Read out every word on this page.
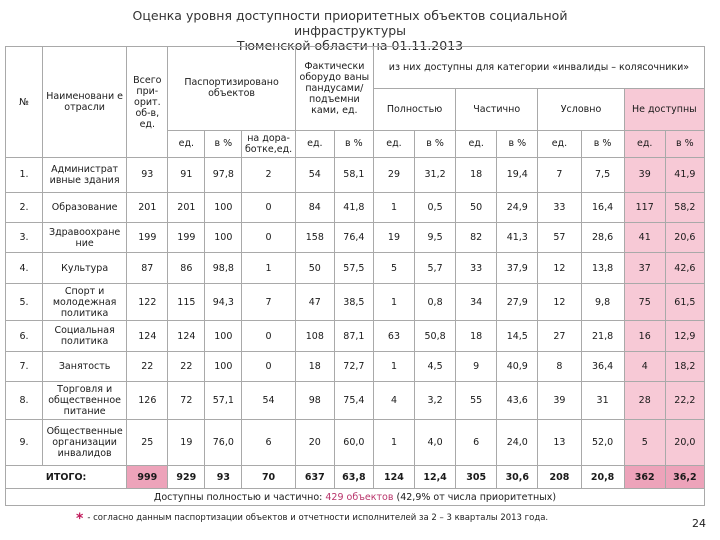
Оценка уровня доступности приоритетных объектов социальной инфраструктуры
Тюменской области на 01.11.2013
№	Наименовани е отрасли	Всего при-орит. об-в, ед.	Паспортизировано объектов			Фактически оборудо ваны пандусами/ подъемни ками, ед.		из них доступны для категории «инвалиды – колясочники»							
								Полностью		Частично		Условно		Не доступны	
			ед.	в %	на дора-ботке,ед.	ед.	в %	ед.	в %	ед.	в %	ед.	в %	ед.	в %
1.	Администрат ивные здания	93	91	97,8	2	54	58,1	29	31,2	18	19,4	7	7,5	39	41,9
2.	Образование	201	201	100	0	84	41,8	1	0,5	50	24,9	33	16,4	117	58,2
3.	Здравоохране ние	199	199	100	0	158	76,4	19	9,5	82	41,3	57	28,6	41	20,6
4.	Культура	87	86	98,8	1	50	57,5	5	5,7	33	37,9	12	13,8	37	42,6
5.	Спорт и молодежная политика	122	115	94,3	7	47	38,5	1	0,8	34	27,9	12	9,8	75	61,5
6.	Социальная политика	124	124	100	0	108	87,1	63	50,8	18	14,5	27	21,8	16	12,9
7.	Занятость	22	22	100	0	18	72,7	1	4,5	9	40,9	8	36,4	4	18,2
8.	Торговля и общественное питание	126	72	57,1	54	98	75,4	4	3,2	55	43,6	39	31	28	22,2
9.	Общественные организации инвалидов	25	19	76,0	6	20	60,0	1	4,0	6	24,0	13	52,0	5	20,0
ИТОГО:		999	929	93	70	637	63,8	124	12,4	305	30,6	208	20,8	362	36,2
Доступны полностью и частично: 429 объектов (42,9% от числа приоритетных)															
* - согласно данным паспортизации объектов и отчетности исполнителей за 2 – 3 кварталы 2013 года.	24
